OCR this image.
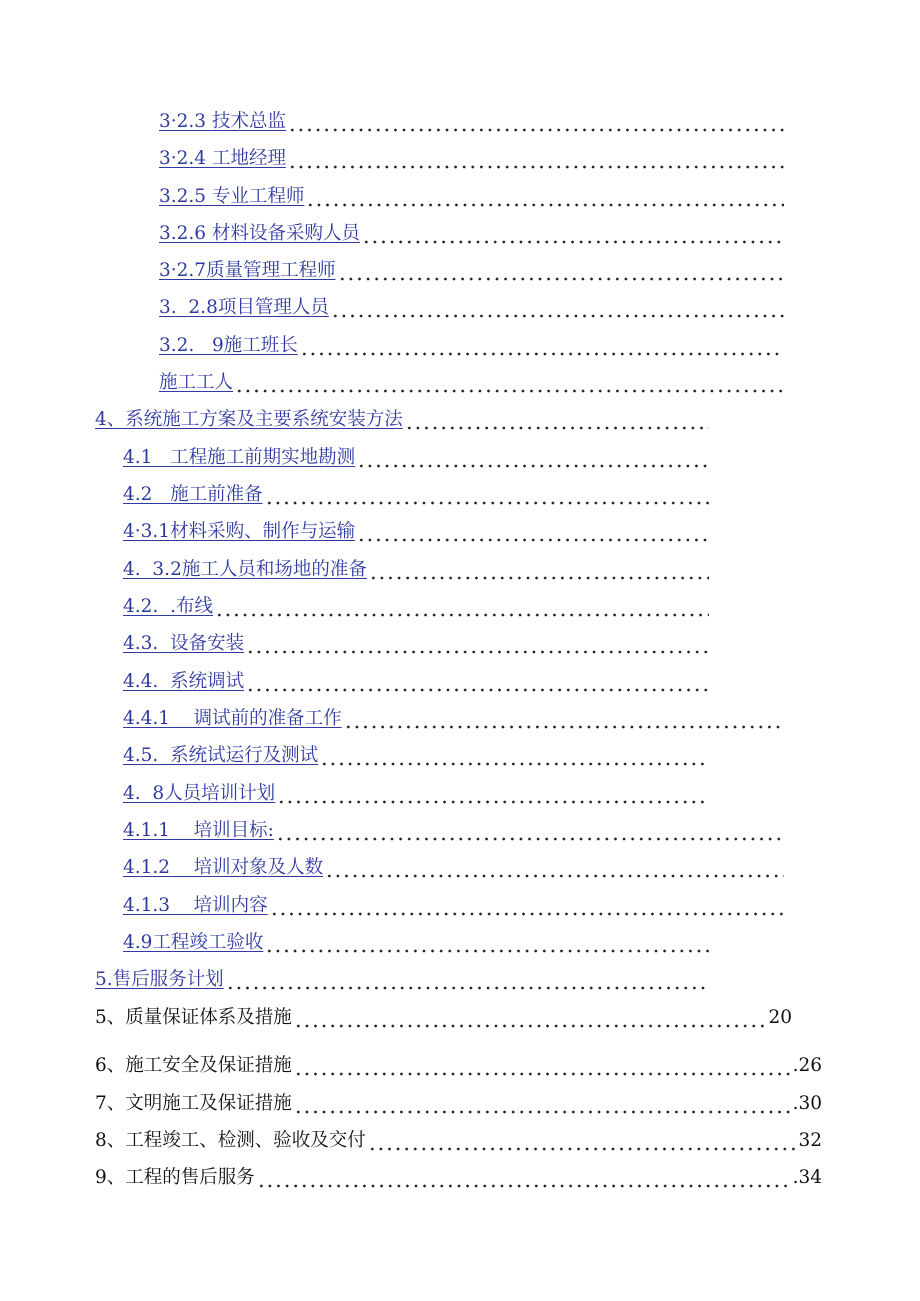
3·2.3 技术总监
3·2.4 工地经理
3.2.5 专业工程师
3.2.6 材料设备采购人员
3·2.7质量管理工程师
3.  2.8项目管理人员
3.2.   9施工班长
施工工人
4、系统施工方案及主要系统安装方法
4.1   工程施工前期实地勘测
4.2   施工前准备
4·3.1材料采购、制作与运输
4.  3.2施工人员和场地的准备
4.2.  .布线
4.3.  设备安装
4.4.  系统调试
4.4.1    调试前的准备工作
4.5.  系统试运行及测试
4.  8人员培训计划
4.1.1    培训目标:
4.1.2    培训对象及人数
4.1.3    培训内容
4.9工程竣工验收
5.售后服务计划
5、质量保证体系及措施	20
6、施工安全及保证措施	.26
7、文明施工及保证措施	.30
8、工程竣工、检测、验收及交付	32
9、工程的售后服务	.34
